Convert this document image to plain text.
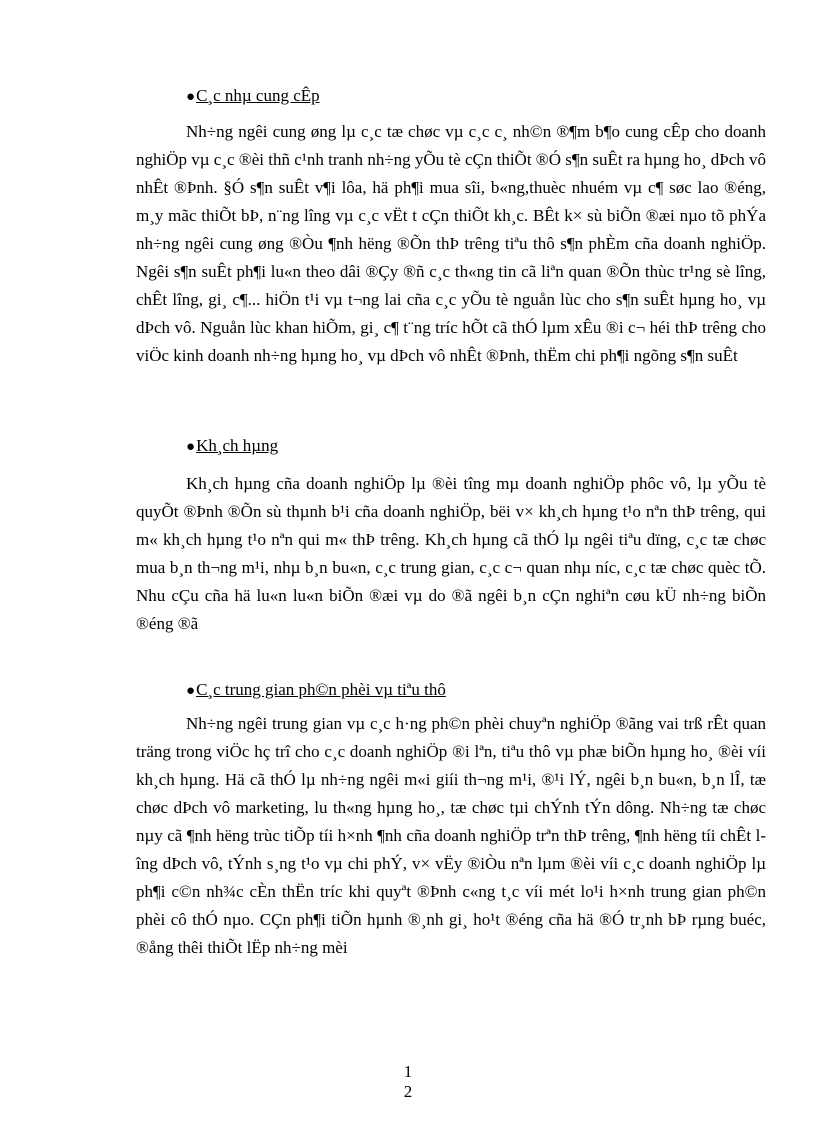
●C¸c nhµ cung cÊp

Nh÷ng ngêi cung øng lµ c¸c tæ chøc vµ c¸c c¸ nh©n ®¶m b¶o cung cÊp cho doanh nghiÖp vµ c¸c ®èi thñ c¹nh tranh nh÷ng yÕu tè cÇn thiÕt ®Ó s¶n suÊt ra hµng ho¸ dÞch vô nhÊt ®Þnh. §Ó s¶n suÊt v¶i lôa, hä ph¶i mua sîi, b«ng,thuèc nhuém vµ c¶ søc lao ®éng, m¸y mãc thiÕt bÞ, n¨ng lîng vµ c¸c vËt t cÇn thiÕt kh¸c. BÊt k× sù biÕn ®æi nµo tõ phÝa nh÷ng ngêi cung øng ®Òu ¶nh hëng ®Õn thÞ trêng tiªu thô s¶n phÈm cña doanh nghiÖp. Ngêi s¶n suÊt ph¶i lu«n theo dâi ®Çy ®ñ c¸c th«ng tin cã liªn quan ®Õn thùc tr¹ng sè lîng, chÊt lîng, gi¸ c¶... hiÖn t¹i vµ t¬ng lai cña c¸c yÕu tè nguån lùc cho s¶n suÊt hµng ho¸ vµ dÞch vô. Nguån lùc khan hiÕm, gi¸ c¶ t¨ng tríc hÕt cã thÓ lµm xÊu ®i c¬ héi thÞ trêng cho viÖc kinh doanh nh÷ng hµng ho¸ vµ dÞch vô nhÊt ®Þnh, thËm chi ph¶i ngõng s¶n suÊt

●Kh¸ch hµng

Kh¸ch hµng cña doanh nghiÖp lµ ®èi tîng mµ doanh nghiÖp phôc vô, lµ yÕu tè quyÕt ®Þnh ®Õn sù thµnh b¹i cña doanh nghiÖp, bëi v× kh¸ch hµng t¹o nªn thÞ trêng, qui m« kh¸ch hµng t¹o nªn qui m« thÞ trêng. Kh¸ch hµng cã thÓ lµ ngêi tiªu dïng, c¸c tæ chøc mua b¸n th¬ng m¹i, nhµ b¸n bu«n, c¸c trung gian, c¸c c¬ quan nhµ níc, c¸c tæ chøc quèc tÕ. Nhu cÇu cña hä lu«n lu«n biÕn ®æi vµ do ®ã ngêi b¸n cÇn nghiªn cøu kÜ nh÷ng biÕn ®éng ®ã

●C¸c trung gian ph©n phèi vµ tiªu thô

Nh÷ng ngêi trung gian vµ c¸c h·ng ph©n phèi chuyªn nghiÖp ®ãng vai trß rÊt quan träng trong viÖc hç trî cho c¸c doanh nghiÖp ®i lªn, tiªu thô vµ phæ biÕn hµng ho¸ ®èi víi kh¸ch hµng. Hä cã thÓ lµ nh÷ng ngêi m«i giíi th¬ng m¹i, ®¹i lÝ, ngêi b¸n bu«n, b¸n lÎ, tæ chøc dÞch vô marketing, lu th«ng hµng ho¸, tæ chøc tµi chÝnh tÝn dông. Nh÷ng tæ chøc nµy cã ¶nh hëng trùc tiÕp tíi h×nh ¶nh cña doanh nghiÖp trªn thÞ trêng, ¶nh hëng tíi chÊt lîng dÞch vô, tÝnh s¸ng t¹o vµ chi phÝ, v× vËy ®iÒu nªn lµm ®èi víi c¸c doanh nghiÖp lµ ph¶i c©n nh¾c cÈn thËn tríc khi quyªt ®Þnh c«ng t¸c víi mét lo¹i h×nh trung gian ph©n phèi cô thÓ nµo. CÇn ph¶i tiÕn hµnh ®¸nh gi¸ ho¹t ®éng cña hä ®Ó tr¸nh bÞ rµng buéc, ®ång thêi thiÕt lËp nh÷ng mèi

1
2
